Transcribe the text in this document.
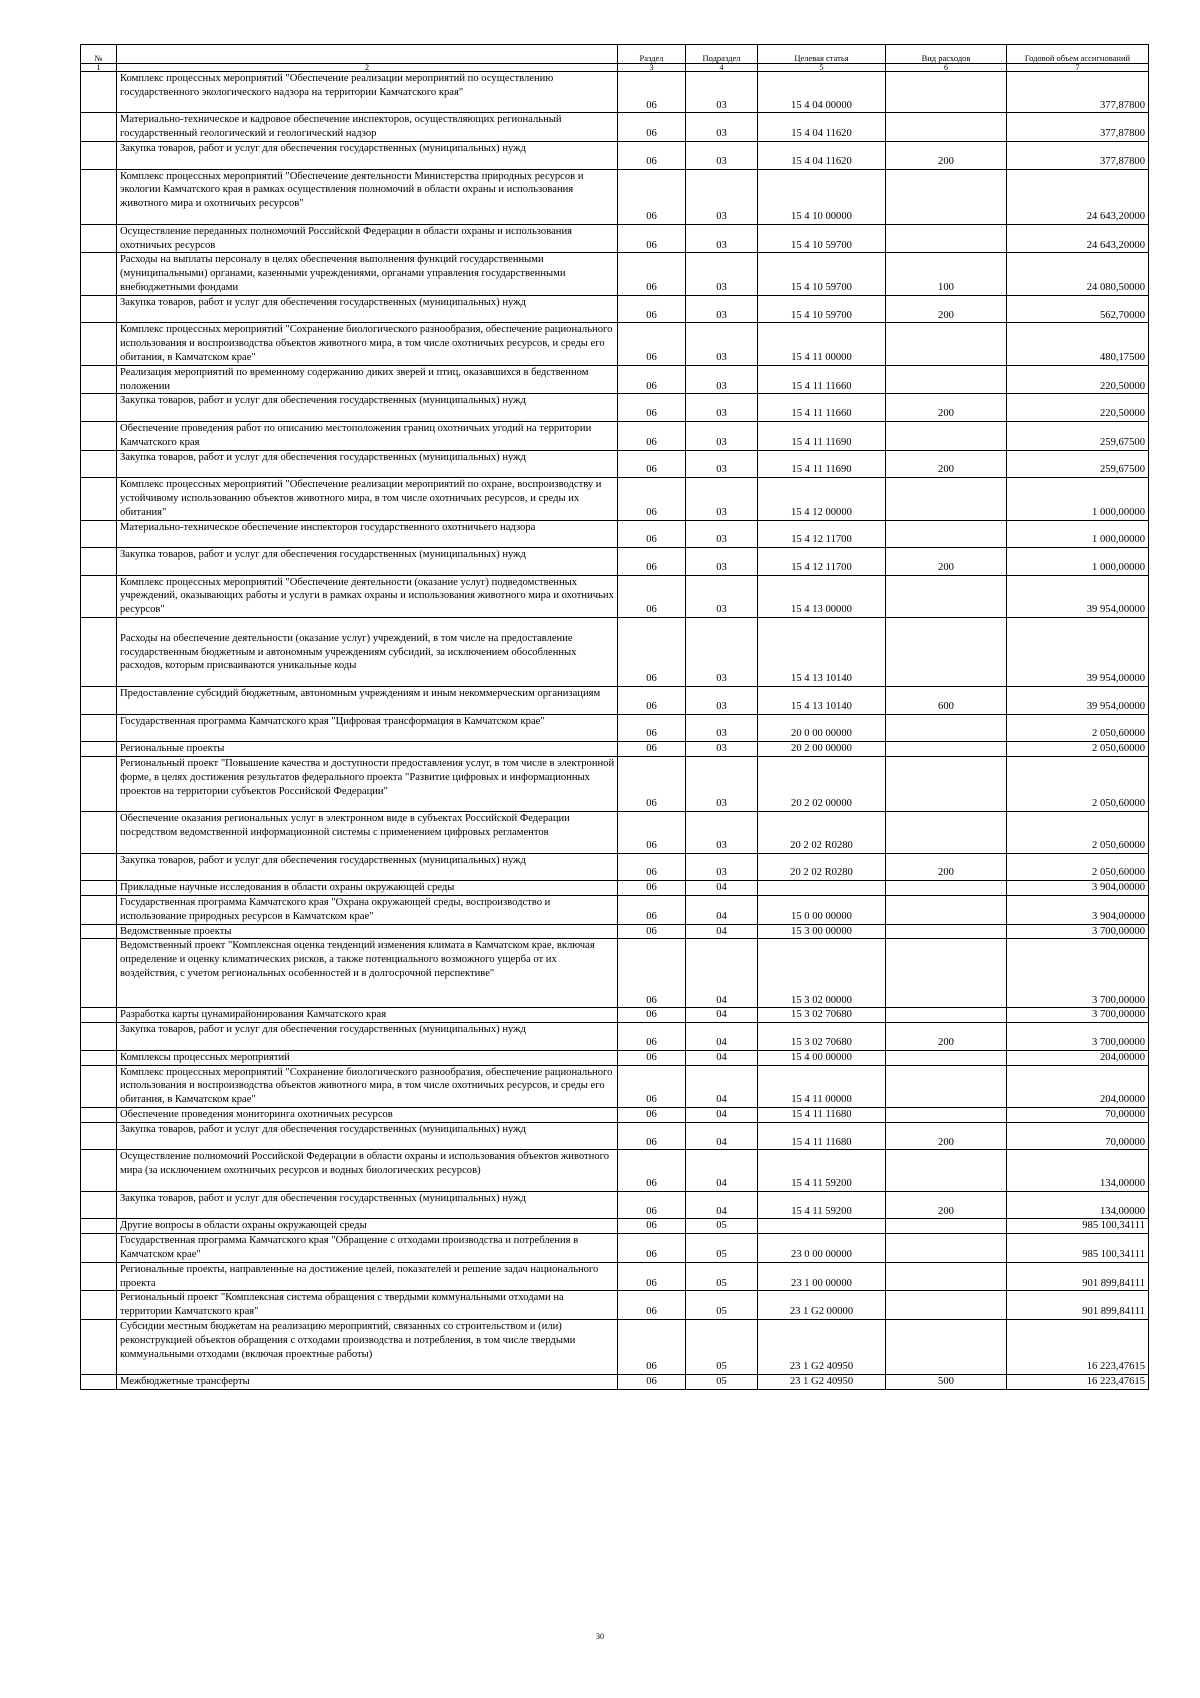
№		Раздел	Подраздел	Целевая статья	Вид расходов	Годовой объем ассигнований
1	2	3	4	5	6	7
	Комплекс процессных мероприятий "Обеспечение реализации мероприятий по осуществлению государственного экологического надзора на территории Камчатского края"	06	03	15 4 04 00000		377,87800
	Материально-техническое и кадровое обеспечение инспекторов, осуществляющих региональный государственный геологический и геологический надзор	06	03	15 4 04 11620		377,87800
	Закупка товаров, работ и услуг для обеспечения государственных (муниципальных) нужд	06	03	15 4 04 11620	200	377,87800
	Комплекс процессных мероприятий "Обеспечение деятельности Министерства природных ресурсов и экологии Камчатского края в рамках осуществления полномочий в области охраны и использования животного мира и охотничьих ресурсов"	06	03	15 4 10 00000		24 643,20000
	Осуществление переданных полномочий Российской Федерации в области охраны и использования охотничьих ресурсов	06	03	15 4 10 59700		24 643,20000
	Расходы на выплаты персоналу в целях обеспечения выполнения функций государственными (муниципальными) органами, казенными учреждениями, органами управления государственными внебюджетными фондами	06	03	15 4 10 59700	100	24 080,50000
	Закупка товаров, работ и услуг для обеспечения государственных (муниципальных) нужд	06	03	15 4 10 59700	200	562,70000
	Комплекс процессных мероприятий "Сохранение биологического разнообразия, обеспечение рационального использования и воспроизводства объектов животного мира, в том числе охотничьих ресурсов, и среды его обитания, в Камчатском крае"	06	03	15 4 11 00000		480,17500
	Реализация мероприятий по временному содержанию диких зверей и птиц, оказавшихся в бедственном положении	06	03	15 4 11 11660		220,50000
	Закупка товаров, работ и услуг для обеспечения государственных (муниципальных) нужд	06	03	15 4 11 11660	200	220,50000
	Обеспечение проведения работ по описанию местоположения границ охотничьих угодий на территории Камчатского края	06	03	15 4 11 11690		259,67500
	Закупка товаров, работ и услуг для обеспечения государственных (муниципальных) нужд	06	03	15 4 11 11690	200	259,67500
	Комплекс процессных мероприятий "Обеспечение реализации мероприятий по охране, воспроизводству и устойчивому использованию объектов животного мира, в том числе охотничьих ресурсов, и среды их обитания"	06	03	15 4 12 00000		1 000,00000
	Материально-техническое обеспечение инспекторов государственного охотничьего надзора	06	03	15 4 12 11700		1 000,00000
	Закупка товаров, работ и услуг для обеспечения государственных (муниципальных) нужд	06	03	15 4 12 11700	200	1 000,00000
	Комплекс процессных мероприятий "Обеспечение деятельности (оказание услуг) подведомственных учреждений, оказывающих работы и услуги в рамках охраны и использования животного мира и охотничьих ресурсов"	06	03	15 4 13 00000		39 954,00000
	Расходы на обеспечение деятельности (оказание услуг) учреждений, в том числе на предоставление государственным бюджетным и автономным учреждениям субсидий, за исключением обособленных расходов, которым присваиваются уникальные коды	06	03	15 4 13 10140		39 954,00000
	Предоставление субсидий бюджетным, автономным учреждениям и иным некоммерческим организациям	06	03	15 4 13 10140	600	39 954,00000
	Государственная программа Камчатского края "Цифровая трансформация в Камчатском крае"	06	03	20 0 00 00000		2 050,60000
	Региональные проекты	06	03	20 2 00 00000		2 050,60000
	Региональный проект "Повышение качества и доступности предоставления услуг, в том числе в электронной форме, в целях достижения результатов федерального проекта "Развитие цифровых и информационных проектов на территории субъектов Российской Федерации"	06	03	20 2 02 00000		2 050,60000
	Обеспечение оказания региональных услуг в электронном виде в субъектах Российской Федерации посредством ведомственной информационной системы с применением цифровых регламентов	06	03	20 2 02 R0280		2 050,60000
	Закупка товаров, работ и услуг для обеспечения государственных (муниципальных) нужд	06	03	20 2 02 R0280	200	2 050,60000
	Прикладные научные исследования в области охраны окружающей среды	06	04			3 904,00000
	Государственная программа Камчатского края "Охрана окружающей среды, воспроизводство и использование природных ресурсов в Камчатском крае"	06	04	15 0 00 00000		3 904,00000
	Ведомственные проекты	06	04	15 3 00 00000		3 700,00000
	Ведомственный проект "Комплексная оценка тенденций изменения климата в Камчатском крае, включая определение и оценку климатических рисков, а также потенциального возможного ущерба от их воздействия, с учетом региональных особенностей и в долгосрочной перспективе"	06	04	15 3 02 00000		3 700,00000
	Разработка карты цунамирайонирования Камчатского края	06	04	15 3 02 70680		3 700,00000
	Закупка товаров, работ и услуг для обеспечения государственных (муниципальных) нужд	06	04	15 3 02 70680	200	3 700,00000
	Комплексы процессных мероприятий	06	04	15 4 00 00000		204,00000
	Комплекс процессных мероприятий "Сохранение биологического разнообразия, обеспечение рационального использования и воспроизводства объектов животного мира, в том числе охотничьих ресурсов, и среды его обитания, в Камчатском крае"	06	04	15 4 11 00000		204,00000
	Обеспечение проведения мониторинга охотничьих ресурсов	06	04	15 4 11 11680		70,00000
	Закупка товаров, работ и услуг для обеспечения государственных (муниципальных) нужд	06	04	15 4 11 11680	200	70,00000
	Осуществление полномочий Российской Федерации в области охраны и использования объектов животного мира (за исключением охотничьих ресурсов и водных биологических ресурсов)	06	04	15 4 11 59200		134,00000
	Закупка товаров, работ и услуг для обеспечения государственных (муниципальных) нужд	06	04	15 4 11 59200	200	134,00000
	Другие вопросы в области охраны окружающей среды	06	05			985 100,34111
	Государственная программа Камчатского края "Обращение с отходами производства и потребления в Камчатском крае"	06	05	23 0 00 00000		985 100,34111
	Региональные проекты, направленные на достижение целей, показателей и решение задач национального проекта	06	05	23 1 00 00000		901 899,84111
	Региональный проект "Комплексная система обращения с твердыми коммунальными отходами на территории Камчатского края"	06	05	23 1 G2 00000		901 899,84111
	Субсидии местным бюджетам на реализацию мероприятий, связанных со строительством и (или) реконструкцией объектов обращения с отходами производства и потребления, в том числе твердыми коммунальными отходами (включая проектные работы)	06	05	23 1 G2 40950		16 223,47615
	Межбюджетные трансферты	06	05	23 1 G2 40950	500	16 223,47615
30
